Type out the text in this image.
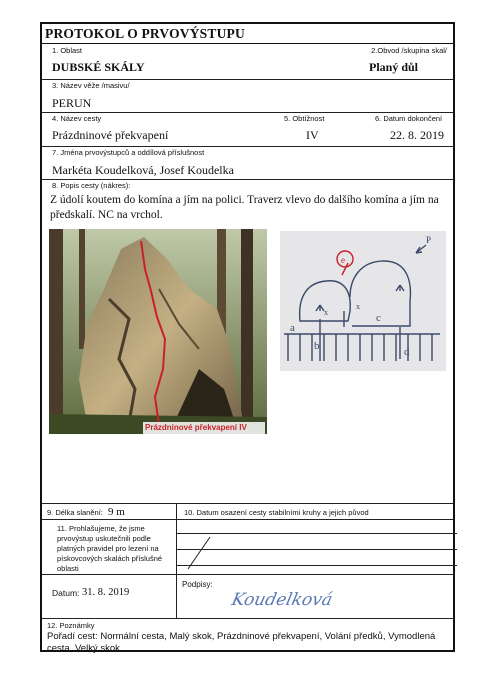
PROTOKOL O PRVOVÝSTUPU
1. Oblast	2.Obvod /skupina skal/
DUBSKÉ SKÁLY	Planý důl
3. Název věže /masivu/
PERUN
4. Název cesty	5. Obtížnost	6. Datum dokončení
Prázdninové překvapení	IV	22. 8. 2019
7. Jména prvovýstupců a oddílová příslušnost
Markéta Koudelková, Josef Koudelka
8. Popis cesty (nákres):
Z údolí koutem do komína a jím na polici. Traverz vlevo do dalšího komína a jím na předskalí. NC na vrchol.
Prázdninové překvapení IV
a
b
c
d
e
P
x
x
9. Délka slanění: 9 m	10. Datum osazení cesty stabilními kruhy a jejich původ
11. Prohlašujeme, že jsme prvovýstup uskutečnili podle platných pravidel pro lezení na pískovcových skalách příslušné oblasti
Datum: 31. 8. 2019
Podpisy:
Koudelková
12. Poznámky
Pořadí cest: Normální cesta, Malý skok, Prázdninové překvapení, Volání předků, Vymodlená cesta, Velký skok
